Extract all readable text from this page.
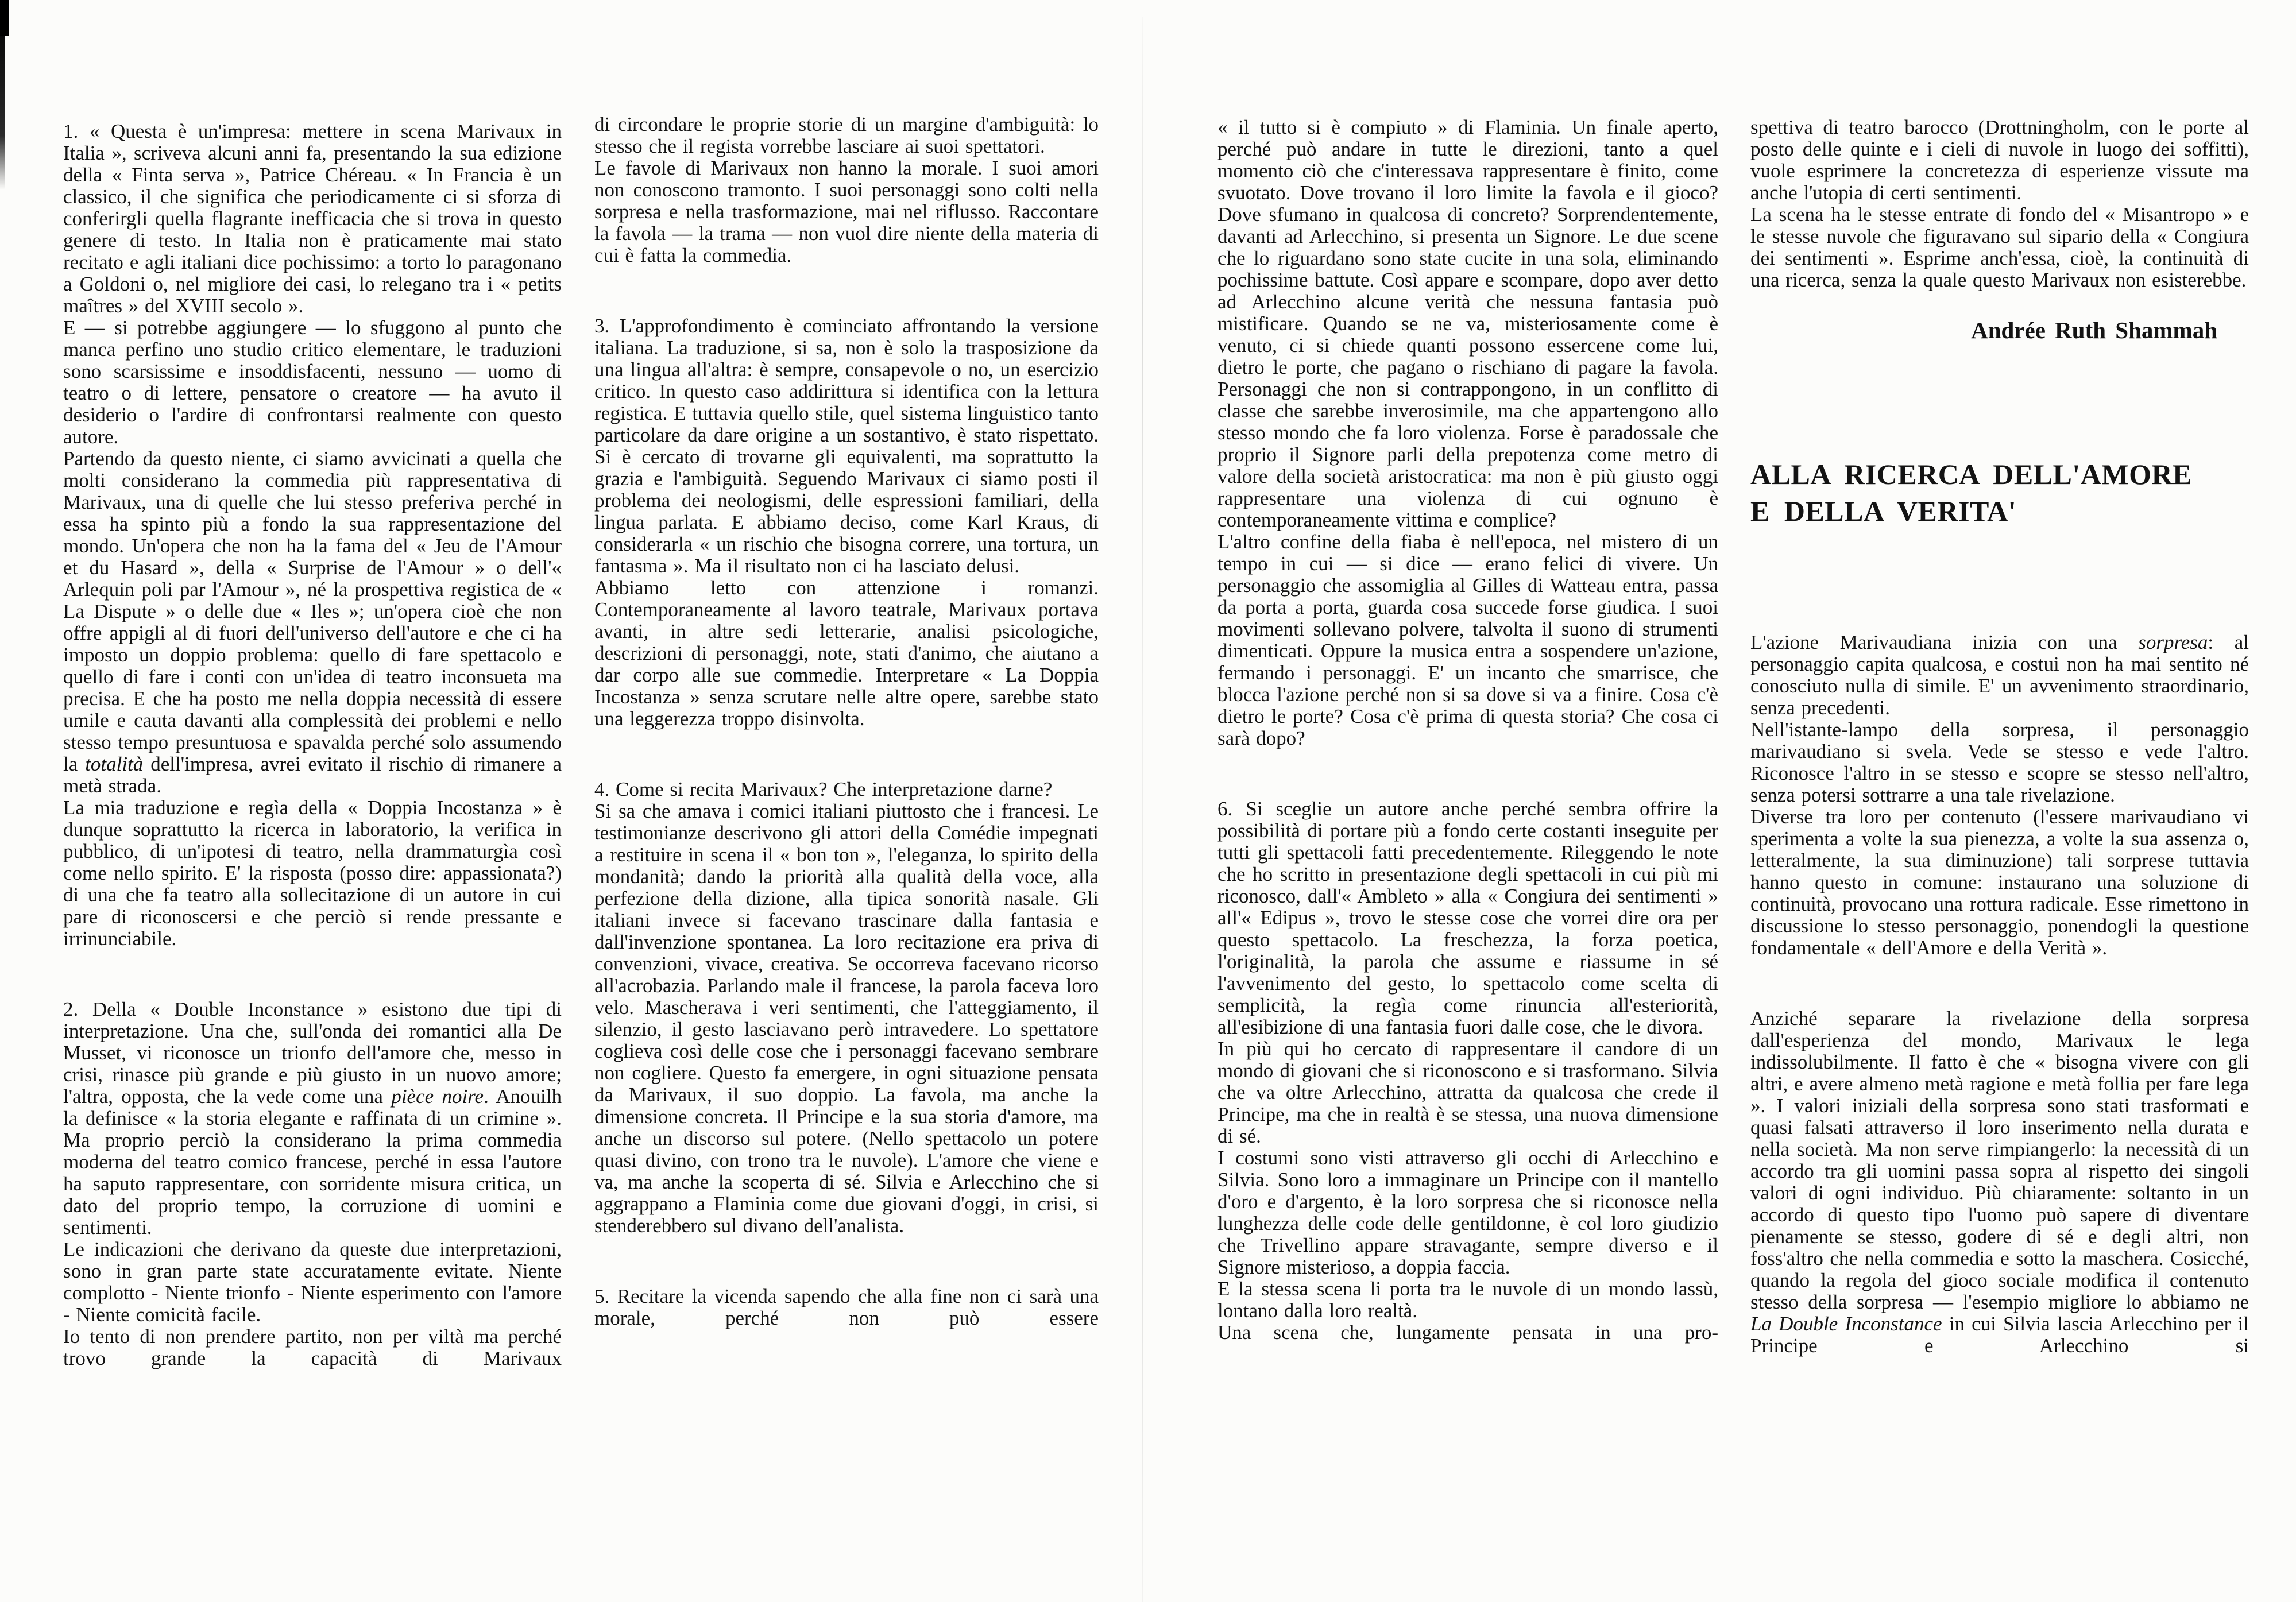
1. « Questa è un'impresa: mettere in scena Marivaux in Italia », scriveva alcuni anni fa, presentando la sua edizione della « Finta serva », Patrice Chéreau. « In Francia è un classico, il che significa che periodicamente ci si sforza di conferirgli quella flagrante inefficacia che si trova in questo genere di testo. In Italia non è praticamente mai stato recitato e agli italiani dice pochissimo: a torto lo paragonano a Goldoni o, nel migliore dei casi, lo relegano tra i « petits maîtres » del XVIII secolo ».

E — si potrebbe aggiungere — lo sfuggono al punto che manca perfino uno studio critico elementare, le traduzioni sono scarsissime e insoddisfacenti, nessuno — uomo di teatro o di lettere, pensatore o creatore — ha avuto il desiderio o l'ardire di confrontarsi realmente con questo autore.

Partendo da questo niente, ci siamo avvicinati a quella che molti considerano la commedia più rappresentativa di Marivaux, una di quelle che lui stesso preferiva perché in essa ha spinto più a fondo la sua rappresentazione del mondo. Un'opera che non ha la fama del « Jeu de l'Amour et du Hasard », della « Surprise de l'Amour » o dell'« Arlequin poli par l'Amour », né la prospettiva registica de « La Dispute » o delle due « Iles »; un'opera cioè che non offre appigli al di fuori dell'universo dell'autore e che ci ha imposto un doppio problema: quello di fare spettacolo e quello di fare i conti con un'idea di teatro inconsueta ma precisa. E che ha posto me nella doppia necessità di essere umile e cauta davanti alla complessità dei problemi e nello stesso tempo presuntuosa e spavalda perché solo assumendo la totalità dell'impresa, avrei evitato il rischio di rimanere a metà strada.

La mia traduzione e regìa della « Doppia Incostanza » è dunque soprattutto la ricerca in laboratorio, la verifica in pubblico, di un'ipotesi di teatro, nella drammaturgìa così come nello spirito. E' la risposta (posso dire: appassionata?) di una che fa teatro alla sollecitazione di un autore in cui pare di riconoscersi e che perciò si rende pressante e irrinunciabile.

2. Della « Double Inconstance » esistono due tipi di interpretazione. Una che, sull'onda dei romantici alla De Musset, vi riconosce un trionfo dell'amore che, messo in crisi, rinasce più grande e più giusto in un nuovo amore; l'altra, opposta, che la vede come una pièce noire. Anouilh la definisce « la storia elegante e raffinata di un crimine ». Ma proprio perciò la considerano la prima commedia moderna del teatro comico francese, perché in essa l'autore ha saputo rappresentare, con sorridente misura critica, un dato del proprio tempo, la corruzione di uomini e sentimenti.

Le indicazioni che derivano da queste due interpretazioni, sono in gran parte state accuratamente evitate. Niente complotto - Niente trionfo - Niente esperimento con l'amore - Niente comicità facile.

Io tento di non prendere partito, non per viltà ma perché trovo grande la capacità di Marivaux

di circondare le proprie storie di un margine d'ambiguità: lo stesso che il regista vorrebbe lasciare ai suoi spettatori.

Le favole di Marivaux non hanno la morale. I suoi amori non conoscono tramonto. I suoi personaggi sono colti nella sorpresa e nella trasformazione, mai nel riflusso. Raccontare la favola — la trama — non vuol dire niente della materia di cui è fatta la commedia.

3. L'approfondimento è cominciato affrontando la versione italiana. La traduzione, si sa, non è solo la trasposizione da una lingua all'altra: è sempre, consapevole o no, un esercizio critico. In questo caso addirittura si identifica con la lettura registica. E tuttavia quello stile, quel sistema linguistico tanto particolare da dare origine a un sostantivo, è stato rispettato. Si è cercato di trovarne gli equivalenti, ma soprattutto la grazia e l'ambiguità. Seguendo Marivaux ci siamo posti il problema dei neologismi, delle espressioni familiari, della lingua parlata. E abbiamo deciso, come Karl Kraus, di considerarla « un rischio che bisogna correre, una tortura, un fantasma ». Ma il risultato non ci ha lasciato delusi.

Abbiamo letto con attenzione i romanzi. Contemporaneamente al lavoro teatrale, Marivaux portava avanti, in altre sedi letterarie, analisi psicologiche, descrizioni di personaggi, note, stati d'animo, che aiutano a dar corpo alle sue commedie. Interpretare « La Doppia Incostanza » senza scrutare nelle altre opere, sarebbe stato una leggerezza troppo disinvolta.

4. Come si recita Marivaux? Che interpretazione darne?

Si sa che amava i comici italiani piuttosto che i francesi. Le testimonianze descrivono gli attori della Comédie impegnati a restituire in scena il « bon ton », l'eleganza, lo spirito della mondanità; dando la priorità alla qualità della voce, alla perfezione della dizione, alla tipica sonorità nasale. Gli italiani invece si facevano trascinare dalla fantasia e dall'invenzione spontanea. La loro recitazione era priva di convenzioni, vivace, creativa. Se occorreva facevano ricorso all'acrobazia. Parlando male il francese, la parola faceva loro velo. Mascherava i veri sentimenti, che l'atteggiamento, il silenzio, il gesto lasciavano però intravedere. Lo spettatore coglieva così delle cose che i personaggi facevano sembrare non cogliere. Questo fa emergere, in ogni situazione pensata da Marivaux, il suo doppio. La favola, ma anche la dimensione concreta. Il Principe e la sua storia d'amore, ma anche un discorso sul potere. (Nello spettacolo un potere quasi divino, con trono tra le nuvole). L'amore che viene e va, ma anche la scoperta di sé. Silvia e Arlecchino che si aggrappano a Flaminia come due giovani d'oggi, in crisi, si stenderebbero sul divano dell'analista.

5. Recitare la vicenda sapendo che alla fine non ci sarà una morale, perché non può essere

« il tutto si è compiuto » di Flaminia. Un finale aperto, perché può andare in tutte le direzioni, tanto a quel momento ciò che c'interessava rappresentare è finito, come svuotato. Dove trovano il loro limite la favola e il gioco? Dove sfumano in qualcosa di concreto? Sorprendentemente, davanti ad Arlecchino, si presenta un Signore. Le due scene che lo riguardano sono state cucite in una sola, eliminando pochissime battute. Così appare e scompare, dopo aver detto ad Arlecchino alcune verità che nessuna fantasia può mistificare. Quando se ne va, misteriosamente come è venuto, ci si chiede quanti possono essercene come lui, dietro le porte, che pagano o rischiano di pagare la favola. Personaggi che non si contrappongono, in un conflitto di classe che sarebbe inverosimile, ma che appartengono allo stesso mondo che fa loro violenza. Forse è paradossale che proprio il Signore parli della prepotenza come metro di valore della società aristocratica: ma non è più giusto oggi rappresentare una violenza di cui ognuno è contemporaneamente vittima e complice?

L'altro confine della fiaba è nell'epoca, nel mistero di un tempo in cui — si dice — erano felici di vivere. Un personaggio che assomiglia al Gilles di Watteau entra, passa da porta a porta, guarda cosa succede forse giudica. I suoi movimenti sollevano polvere, talvolta il suono di strumenti dimenticati. Oppure la musica entra a sospendere un'azione, fermando i personaggi. E' un incanto che smarrisce, che blocca l'azione perché non si sa dove si va a finire. Cosa c'è dietro le porte? Cosa c'è prima di questa storia? Che cosa ci sarà dopo?

6. Si sceglie un autore anche perché sembra offrire la possibilità di portare più a fondo certe costanti inseguite per tutti gli spettacoli fatti precedentemente. Rileggendo le note che ho scritto in presentazione degli spettacoli in cui più mi riconosco, dall'« Ambleto » alla « Congiura dei sentimenti » all'« Edipus », trovo le stesse cose che vorrei dire ora per questo spettacolo. La freschezza, la forza poetica, l'originalità, la parola che assume e riassume in sé l'avvenimento del gesto, lo spettacolo come scelta di semplicità, la regìa come rinuncia all'esteriorità, all'esibizione di una fantasia fuori dalle cose, che le divora.

In più qui ho cercato di rappresentare il candore di un mondo di giovani che si riconoscono e si trasformano. Silvia che va oltre Arlecchino, attratta da qualcosa che crede il Principe, ma che in realtà è se stessa, una nuova dimensione di sé.

I costumi sono visti attraverso gli occhi di Arlecchino e Silvia. Sono loro a immaginare un Principe con il mantello d'oro e d'argento, è la loro sorpresa che si riconosce nella lunghezza delle code delle gentildonne, è col loro giudizio che Trivellino appare stravagante, sempre diverso e il Signore misterioso, a doppia faccia.

E la stessa scena li porta tra le nuvole di un mondo lassù, lontano dalla loro realtà.

Una scena che, lungamente pensata in una pro-

spettiva di teatro barocco (Drottningholm, con le porte al posto delle quinte e i cieli di nuvole in luogo dei soffitti), vuole esprimere la concretezza di esperienze vissute ma anche l'utopia di certi sentimenti.

La scena ha le stesse entrate di fondo del « Misantropo » e le stesse nuvole che figuravano sul sipario della « Congiura dei sentimenti ». Esprime anch'essa, cioè, la continuità di una ricerca, senza la quale questo Marivaux non esisterebbe.

Andrée Ruth Shammah

ALLA RICERCA DELL'AMORE
E DELLA VERITA'

L'azione Marivaudiana inizia con una sorpresa: al personaggio capita qualcosa, e costui non ha mai sentito né conosciuto nulla di simile. E' un avvenimento straordinario, senza precedenti.

Nell'istante-lampo della sorpresa, il personaggio marivaudiano si svela. Vede se stesso e vede l'altro. Riconosce l'altro in se stesso e scopre se stesso nell'altro, senza potersi sottrarre a una tale rivelazione.

Diverse tra loro per contenuto (l'essere marivaudiano vi sperimenta a volte la sua pienezza, a volte la sua assenza o, letteralmente, la sua diminuzione) tali sorprese tuttavia hanno questo in comune: instaurano una soluzione di continuità, provocano una rottura radicale. Esse rimettono in discussione lo stesso personaggio, ponendogli la questione fondamentale « dell'Amore e della Verità ».

Anziché separare la rivelazione della sorpresa dall'esperienza del mondo, Marivaux le lega indissolubilmente. Il fatto è che « bisogna vivere con gli altri, e avere almeno metà ragione e metà follia per fare lega ». I valori iniziali della sorpresa sono stati trasformati e quasi falsati attraverso il loro inserimento nella durata e nella società. Ma non serve rimpiangerlo: la necessità di un accordo tra gli uomini passa sopra al rispetto dei singoli valori di ogni individuo. Più chiaramente: soltanto in un accordo di questo tipo l'uomo può sapere di diventare pienamente se stesso, godere di sé e degli altri, non foss'altro che nella commedia e sotto la maschera. Cosicché, quando la regola del gioco sociale modifica il contenuto stesso della sorpresa — l'esempio migliore lo abbiamo ne La Double Inconstance in cui Silvia lascia Arlecchino per il Principe e Arlecchino si
